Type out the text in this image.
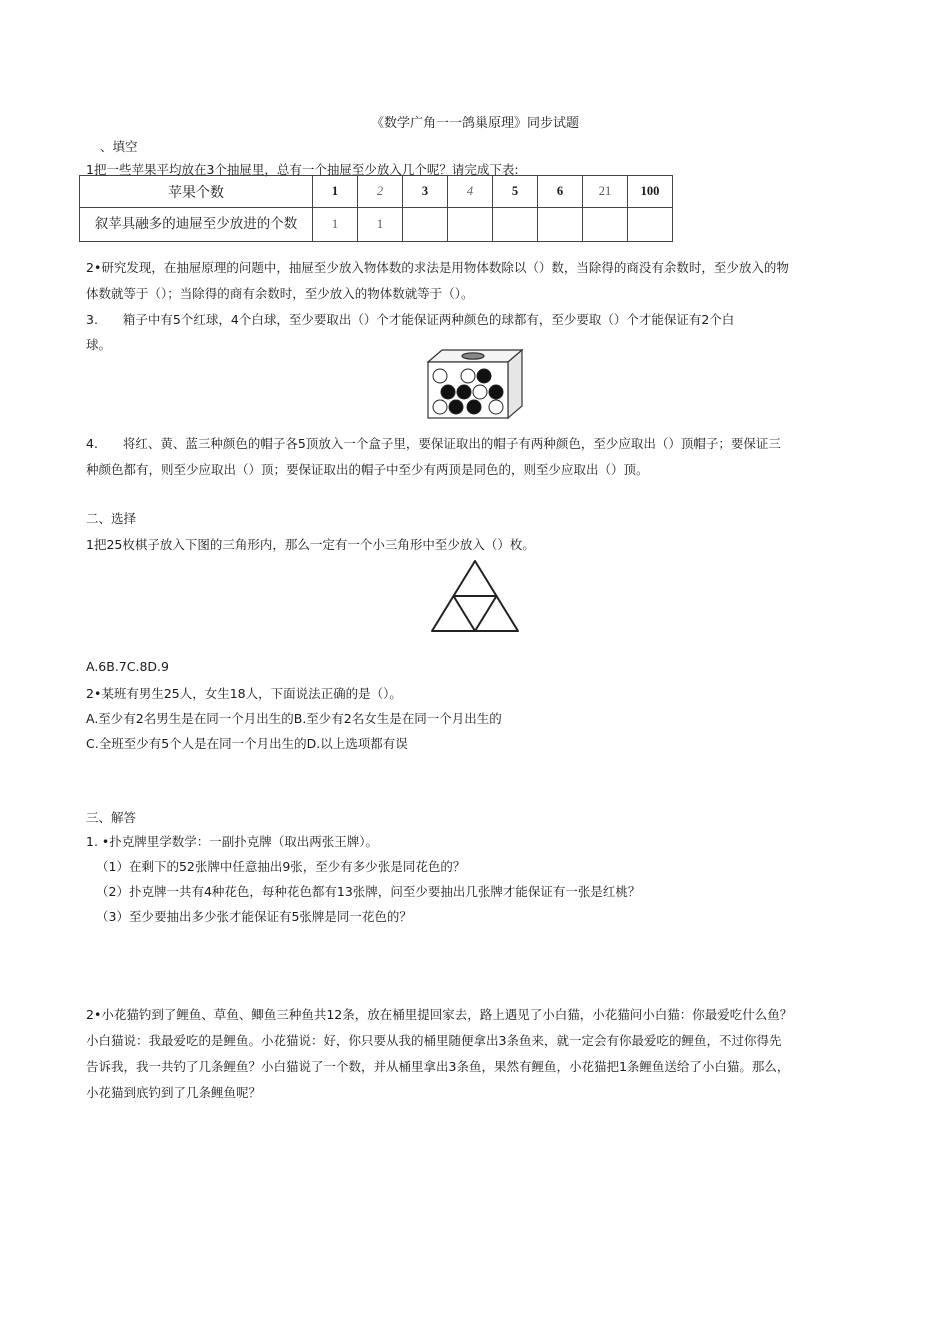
《数学广角一一鸽巢原理》同步试题
、填空
1把一些苹果平均放在3个抽屉里，总有一个抽屉至少放入几个呢？请完成下表:
苹果个数	1	2	3	4	5	6	21	100
叙苹具融多的迪屉至少放进的个数	1	1						
2•研究发现，在抽屉原理的问题中，抽屉至少放入物体数的求法是用物体数除以（）数，当除得的商没有余数时，至少放入的物
体数就等于（）；当除得的商有余数时，至少放入的物体数就等于（）。
3.　　箱子中有5个红球，4个白球，至少要取出（）个才能保证两种颜色的球都有，至少要取（）个才能保证有2个白
球。
4.　　将红、黄、蓝三种颜色的帽子各5顶放入一个盒子里，要保证取出的帽子有两种颜色，至少应取出（）顶帽子；要保证三
种颜色都有，则至少应取出（）顶；要保证取出的帽子中至少有两顶是同色的，则至少应取出（）顶。
二、选择
1把25枚棋子放入下图的三角形内，那么一定有一个小三角形中至少放入（）枚。
A.6B.7C.8D.9
2•某班有男生25人，女生18人，下面说法正确的是（）。
A.至少有2名男生是在同一个月出生的B.至少有2名女生是在同一个月出生的
C.全班至少有5个人是在同一个月出生的D.以上选项都有误
三、解答
1. •扑克牌里学数学：一副扑克牌（取出两张王牌）。
（1）在剩下的52张牌中任意抽出9张，至少有多少张是同花色的？
（2）扑克牌一共有4种花色，每种花色都有13张牌，问至少要抽出几张牌才能保证有一张是红桃？
（3）至少要抽出多少张才能保证有5张牌是同一花色的？
2•小花猫钓到了鲤鱼、草鱼、鲫鱼三种鱼共12条，放在桶里提回家去，路上遇见了小白猫，小花猫问小白猫：你最爱吃什么鱼？
小白猫说：我最爱吃的是鲤鱼。小花猫说：好，你只要从我的桶里随便拿出3条鱼来，就一定会有你最爱吃的鲤鱼，不过你得先
告诉我，我一共钓了几条鲤鱼？小白猫说了一个数，并从桶里拿出3条鱼，果然有鲤鱼，小花猫把1条鲤鱼送给了小白猫。那么，
小花猫到底钓到了几条鲤鱼呢？
